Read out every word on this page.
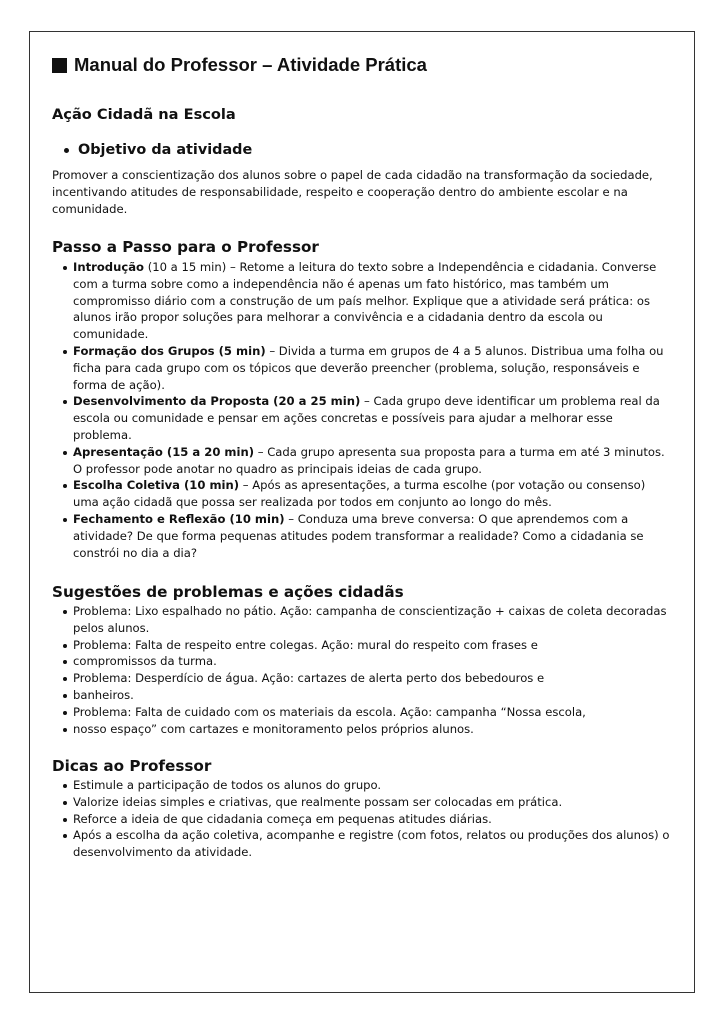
Manual do Professor – Atividade Prática
Ação Cidadã na Escola
Objetivo da atividade

Promover a conscientização dos alunos sobre o papel de cada cidadão na transformação da sociedade, incentivando atitudes de responsabilidade, respeito e cooperação dentro do ambiente escolar e na comunidade.

Passo a Passo para o Professor
Introdução (10 a 15 min) – Retome a leitura do texto sobre a Independência e cidadania. Converse com a turma sobre como a independência não é apenas um fato histórico, mas também um compromisso diário com a construção de um país melhor. Explique que a atividade será prática: os alunos irão propor soluções para melhorar a convivência e a cidadania dentro da escola ou comunidade.
Formação dos Grupos (5 min) – Divida a turma em grupos de 4 a 5 alunos. Distribua uma folha ou ficha para cada grupo com os tópicos que deverão preencher (problema, solução, responsáveis e forma de ação).
Desenvolvimento da Proposta (20 a 25 min) – Cada grupo deve identificar um problema real da escola ou comunidade e pensar em ações concretas e possíveis para ajudar a melhorar esse problema.
Apresentação (15 a 20 min) – Cada grupo apresenta sua proposta para a turma em até 3 minutos. O professor pode anotar no quadro as principais ideias de cada grupo.
Escolha Coletiva (10 min) – Após as apresentações, a turma escolhe (por votação ou consenso) uma ação cidadã que possa ser realizada por todos em conjunto ao longo do mês.
Fechamento e Reflexão (10 min) – Conduza uma breve conversa: O que aprendemos com a atividade? De que forma pequenas atitudes podem transformar a realidade? Como a cidadania se constrói no dia a dia?
Sugestões de problemas e ações cidadãs
Problema: Lixo espalhado no pátio. Ação: campanha de conscientização + caixas de coleta decoradas pelos alunos.
Problema: Falta de respeito entre colegas. Ação: mural do respeito com frases e
compromissos da turma.
Problema: Desperdício de água. Ação: cartazes de alerta perto dos bebedouros e
banheiros.
Problema: Falta de cuidado com os materiais da escola. Ação: campanha “Nossa escola,
nosso espaço” com cartazes e monitoramento pelos próprios alunos.
Dicas ao Professor
Estimule a participação de todos os alunos do grupo.
Valorize ideias simples e criativas, que realmente possam ser colocadas em prática.
Reforce a ideia de que cidadania começa em pequenas atitudes diárias.
Após a escolha da ação coletiva, acompanhe e registre (com fotos, relatos ou produções dos alunos) o desenvolvimento da atividade.
